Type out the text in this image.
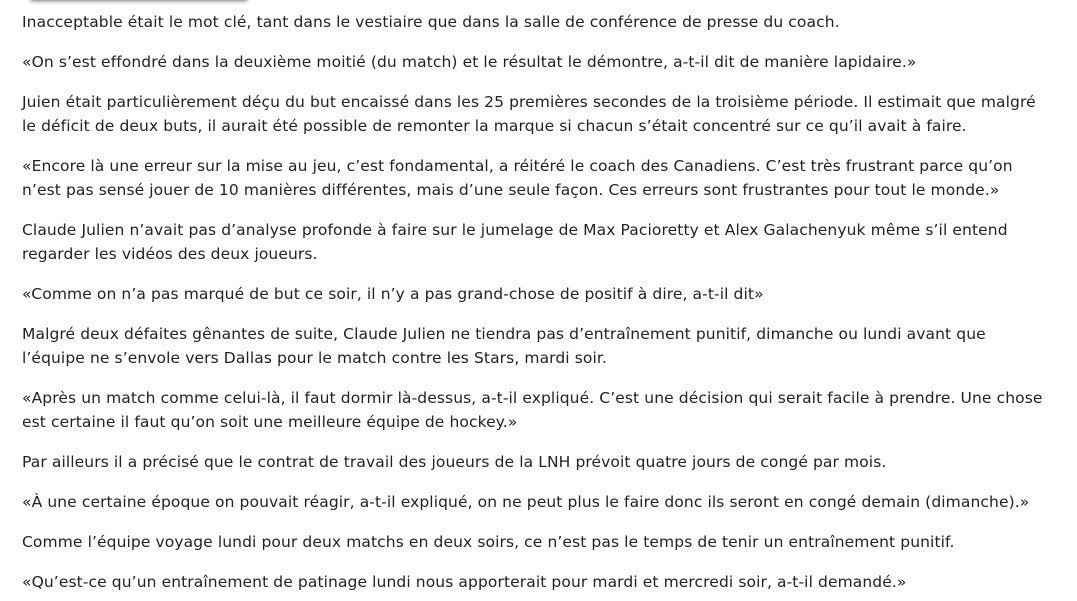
Inacceptable était le mot clé, tant dans le vestiaire que dans la salle de conférence de presse du coach.

«On s’est effondré dans la deuxième moitié (du match) et le résultat le démontre, a-t-il dit de manière lapidaire.»

Juien était particulièrement déçu du but encaissé dans les 25 premières secondes de la troisième période. Il estimait que malgré le déficit de deux buts, il aurait été possible de remonter la marque si chacun s’était concentré sur ce qu’il avait à faire.

«Encore là une erreur sur la mise au jeu, c’est fondamental, a réitéré le coach des Canadiens. C’est très frustrant parce qu’on n’est pas sensé jouer de 10 manières différentes, mais d’une seule façon. Ces erreurs sont frustrantes pour tout le monde.»

Claude Julien n’avait pas d’analyse profonde à faire sur le jumelage de Max Pacioretty et Alex Galachenyuk même s’il entend regarder les vidéos des deux joueurs.

«Comme on n’a pas marqué de but ce soir, il n’y a pas grand-chose de positif à dire, a-t-il dit»

Malgré deux défaites gênantes de suite, Claude Julien ne tiendra pas d’entraînement punitif, dimanche ou lundi avant que l’équipe ne s’envole vers Dallas pour le match contre les Stars, mardi soir.

«Après un match comme celui-là, il faut dormir là-dessus, a-t-il expliqué. C’est une décision qui serait facile à prendre. Une chose est certaine il faut qu’on soit une meilleure équipe de hockey.»

Par ailleurs il a précisé que le contrat de travail des joueurs de la LNH prévoit quatre jours de congé par mois.

«À une certaine époque on pouvait réagir, a-t-il expliqué, on ne peut plus le faire donc ils seront en congé demain (dimanche).»

Comme l’équipe voyage lundi pour deux matchs en deux soirs, ce n’est pas le temps de tenir un entraînement punitif.

«Qu’est-ce qu’un entraînement de patinage lundi nous apporterait pour mardi et mercredi soir, a-t-il demandé.»
